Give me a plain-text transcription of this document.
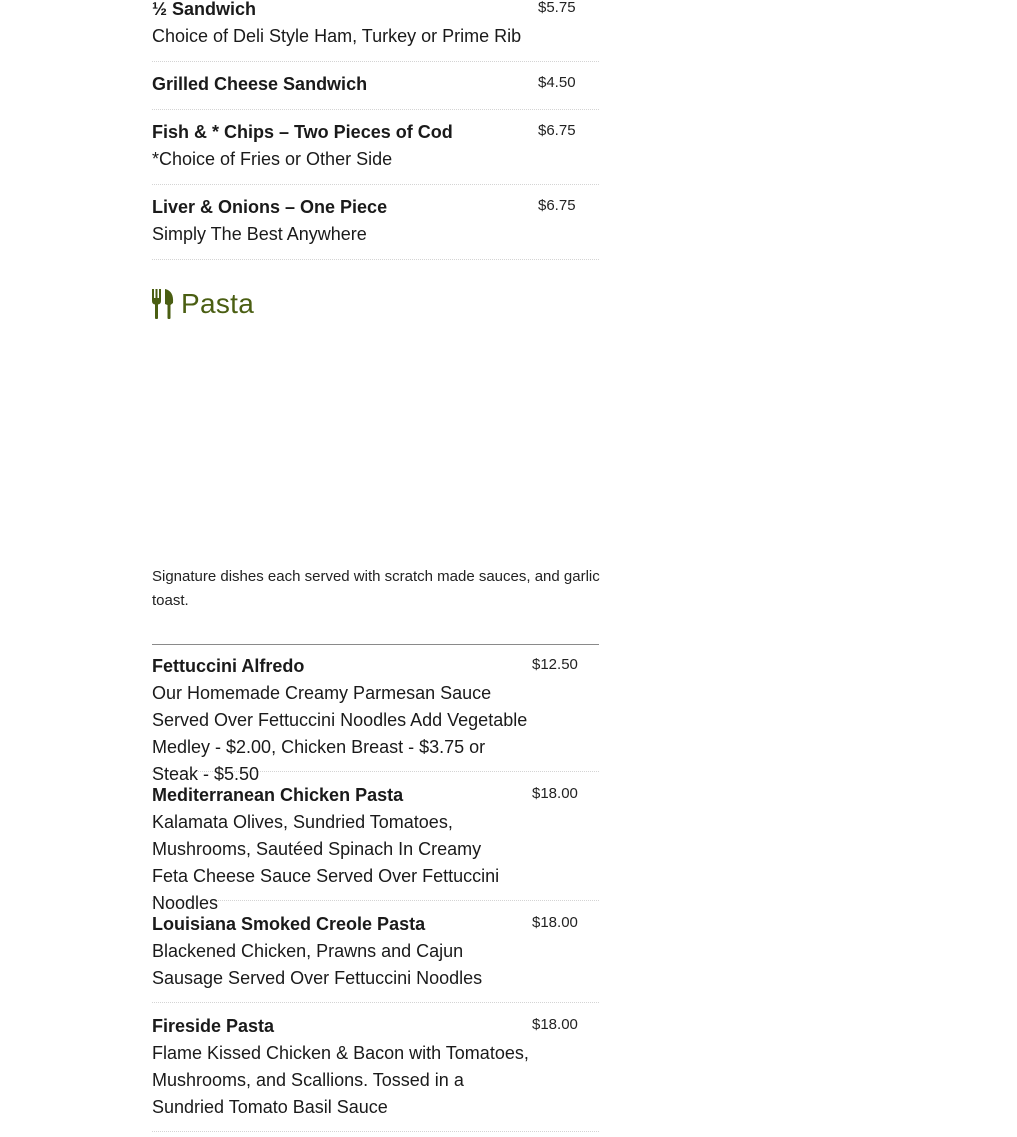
½ Sandwich
Choice of Deli Style Ham, Turkey or Prime Rib
$5.75
Grilled Cheese Sandwich	$4.50
Fish & * Chips – Two Pieces of Cod
*Choice of Fries or Other Side
$6.75
Liver & Onions – One Piece
Simply The Best Anywhere
$6.75
Pasta
Signature dishes each served with scratch made sauces, and garlic toast.
Fettuccini Alfredo
Our Homemade Creamy Parmesan Sauce Served Over Fettuccini Noodles Add Vegetable Medley - $2.00, Chicken Breast - $3.75 or Steak - $5.50
$12.50
Mediterranean Chicken Pasta
Kalamata Olives, Sundried Tomatoes, Mushrooms, Sautéed Spinach In Creamy Feta Cheese Sauce Served Over Fettuccini Noodles
$18.00
Louisiana Smoked Creole Pasta
Blackened Chicken, Prawns and Cajun Sausage Served Over Fettuccini Noodles
$18.00
Fireside Pasta
Flame Kissed Chicken & Bacon with Tomatoes, Mushrooms, and Scallions. Tossed in a Sundried Tomato Basil Sauce
$18.00
